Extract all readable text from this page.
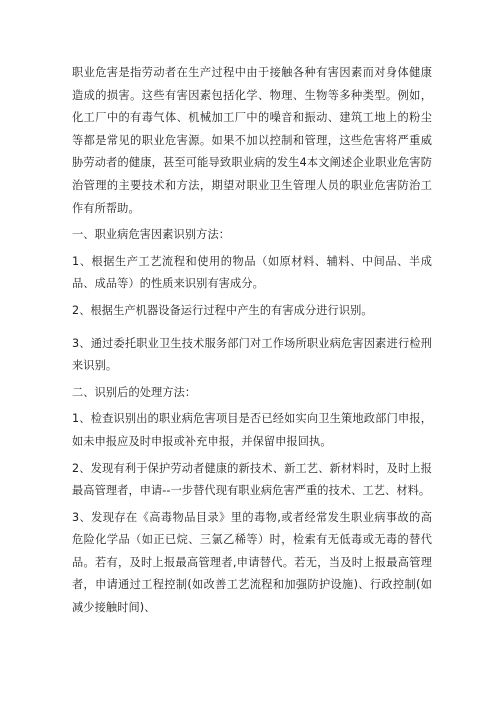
职业危害是指劳动者在生产过程中由于接触各种有害因素而对身体健康造成的损害。这些有害因素包括化学、物理、生物等多种类型。例如，化工厂中的有毒气体、机械加工厂中的噪音和振动、建筑工地上的粉尘等都是常见的职业危害源。如果不加以控制和管理，这些危害将严重威胁劳动者的健康，甚至可能导致职业病的发生4本文阐述企业职业危害防治管理的主要技术和方法，期望对职业卫生管理人员的职业危害防治工作有所帮助。

一、职业病危害因素识别方法：

1、根据生产工艺流程和使用的物品（如原材料、辅料、中间品、半成品、成品等）的性质来识别有害成分。

2、根据生产机器设备运行过程中产生的有害成分进行识别。

3、通过委托职业卫生技术服务部门对工作场所职业病危害因素进行检刑来识别。

二、识别后的处理方法：

1、检查识别出的职业病危害项目是否已经如实向卫生策地政部门申报，如未申报应及时申报或补充申报，并保留申报回执。

2、发现有利于保护劳动者健康的新技术、新工艺、新材料时，及时上报最高管理者，申请--一步替代现有职业病危害严重的技术、工艺、材料。

3、发现存在《高毒物品目录》里的毒物,或者经常发生职业病事故的高危险化学品（如正已烷、三氯乙稀等）时，检索有无低毒或无毒的替代品。若有，及时上报最高管理者,申请替代。若无，当及时上报最高管理者，申请通过工程控制(如改善工艺流程和加强防护设施)、行政控制(如减少接触时间)、
